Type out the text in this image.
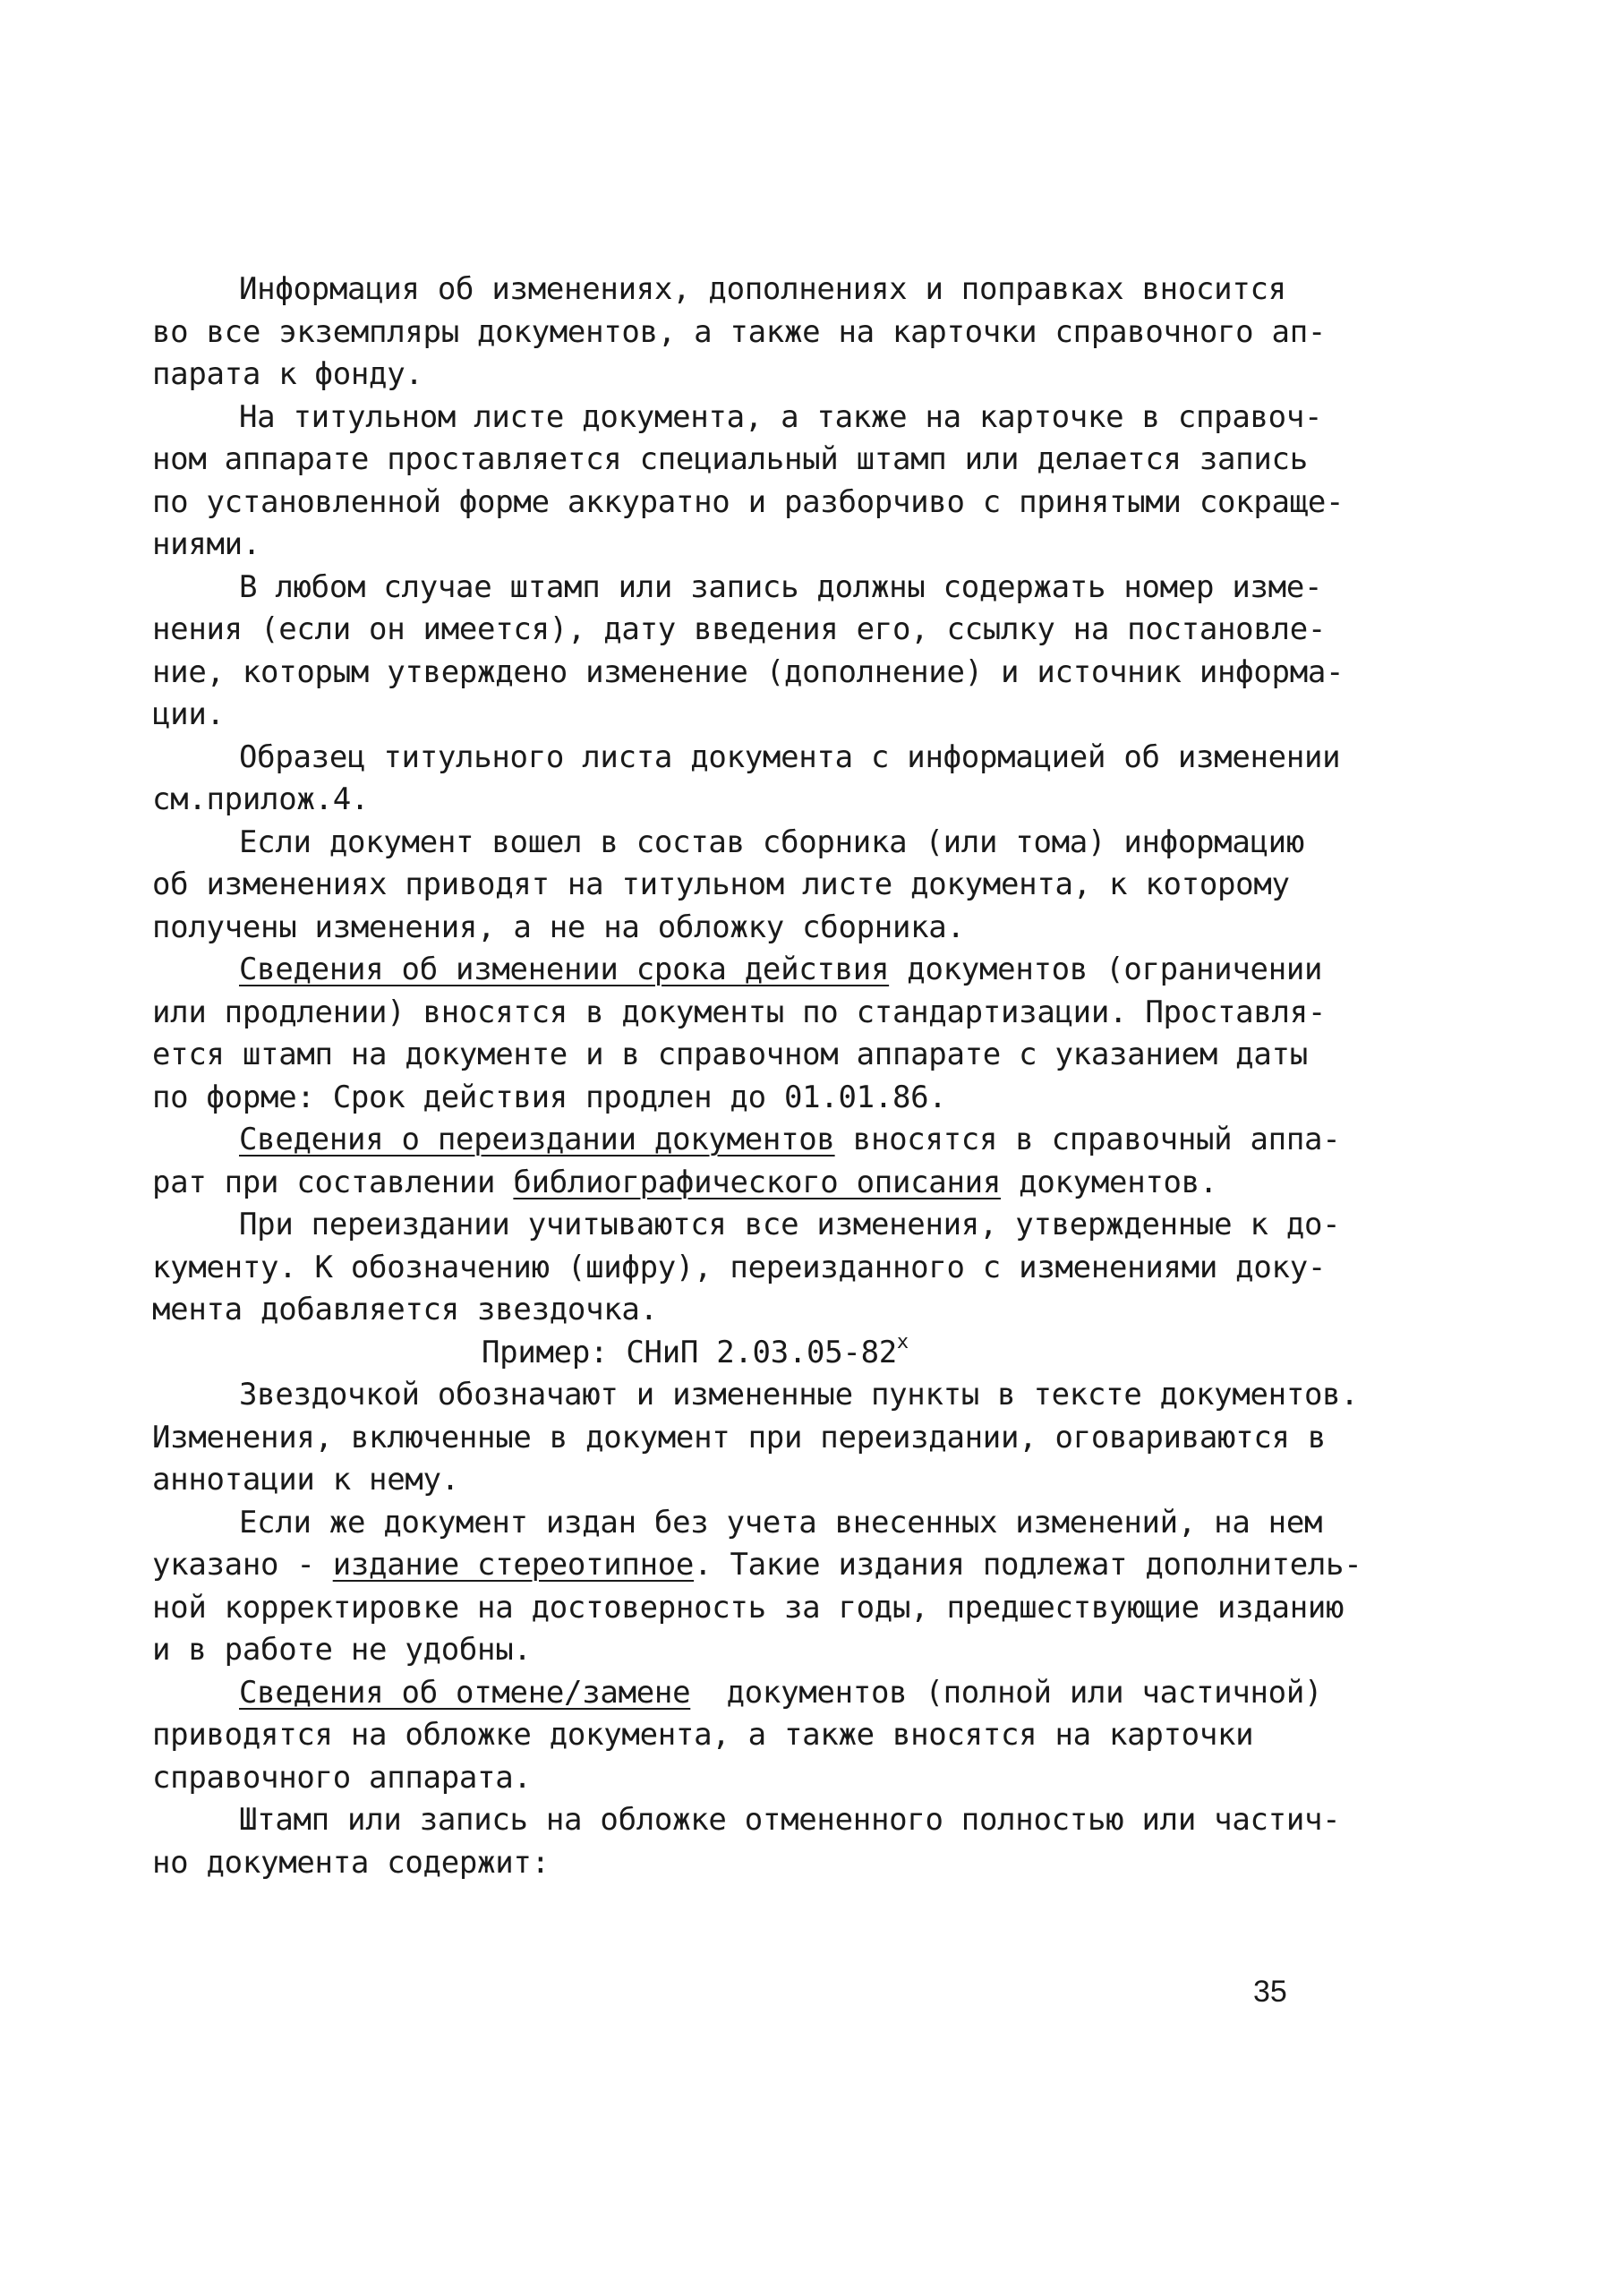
Информация об изменениях, дополнениях и поправках вносится
во все экземпляры документов, а также на карточки справочного ап-
парата к фонду.
На титульном листе документа, а также на карточке в справоч-
ном аппарате проставляется специальный штамп или делается запись
по установленной форме аккуратно и разборчиво с принятыми сокраще-
ниями.
В любом случае штамп или запись должны содержать номер изме-
нения (если он имеется), дату введения его, ссылку на постановле-
ние, которым утверждено изменение (дополнение) и источник информа-
ции.
Образец титульного листа документа с информацией об изменении
см.прилож.4.
Если документ вошел в состав сборника (или тома) информацию
об изменениях приводят на титульном листе документа, к которому
получены изменения, а не на обложку сборника.
Сведения об изменении срока действия документов (ограничении
или продлении) вносятся в документы по стандартизации. Проставля-
ется штамп на документе и в справочном аппарате с указанием даты
по форме: Срок действия продлен до 01.01.86.
Сведения о переиздании документов вносятся в справочный аппа-
рат при составлении библиографического описания документов.
При переиздании учитываются все изменения, утвержденные к до-
кументу. К обозначению (шифру), переизданного с изменениями доку-
мента добавляется звездочка.
Пример: СНиП 2.03.05-82$^x$
Звездочкой обозначают и измененные пункты в тексте документов.
Изменения, включенные в документ при переиздании, оговариваются в
аннотации к нему.
Если же документ издан без учета внесенных изменений, на нем
указано - издание стереотипное. Такие издания подлежат дополнитель-
ной корректировке на достоверность за годы, предшествующие изданию
и в работе не удобны.
Сведения об отмене/замене  документов (полной или частичной)
приводятся на обложке документа, а также вносятся на карточки
справочного аппарата.
Штамп или запись на обложке отмененного полностью или частич-
но документа содержит:
35
